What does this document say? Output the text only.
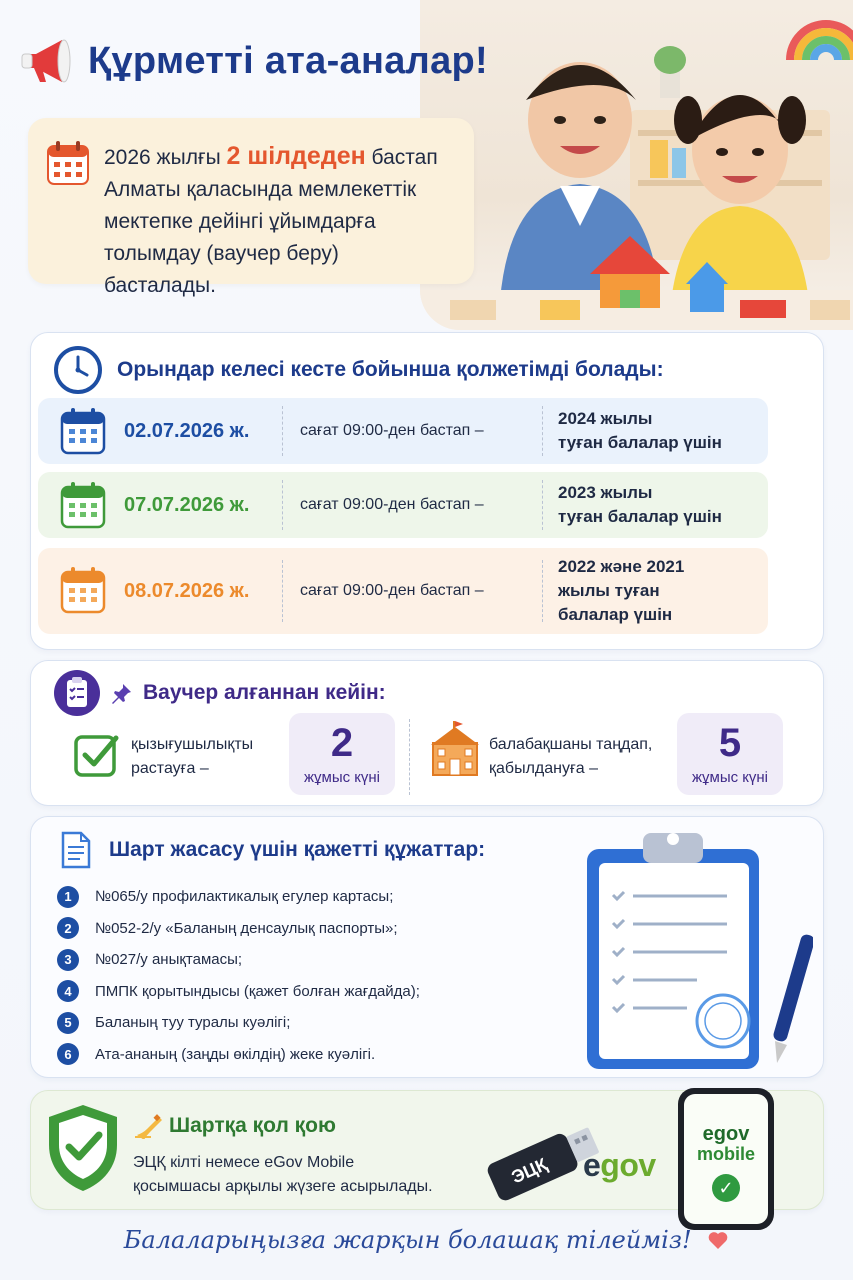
Құрметті ата-аналар!

2026 жылғы 2 шілдеден бастап
Алматы қаласында мемлекеттік
мектепке дейінгі ұйымдарға
толымдау (ваучер беру) басталады.

Орындар келесі кесте бойынша қолжетімді болады:
02.07.2026 ж.	сағат 09:00-ден бастап –
2024 жылы
туған балалар үшін
07.07.2026 ж.	сағат 09:00-ден бастап –
2023 жылы
туған балалар үшін
08.07.2026 ж.	сағат 09:00-ден бастап –
2022 және 2021
жылы туған
балалар үшін
Ваучер алғаннан кейін:
қызығушылықты
растауға –
2
жұмыс күні
балабақшаны таңдап,
қабылдануға –
5
жұмыс күні
Шарт жасасу үшін қажетті құжаттар:
1	№065/у профилактикалық егулер картасы;
2	№052-2/у «Баланың денсаулық паспорты»;
3	№027/у анықтамасы;
4	ПМПК қорытындысы (қажет болған жағдайда);
5	Баланың туу туралы куәлігі;
6	Ата-ананың (заңды өкілдің) жеке куәлігі.
Шартқа қол қою
ЭЦҚ кілті немесе eGov Mobile
қосымшасы арқылы жүзеге асырылады.	ЭЦҚ egov
egov
mobile
✓
Балаларыңызға жарқын болашақ тілейміз!
